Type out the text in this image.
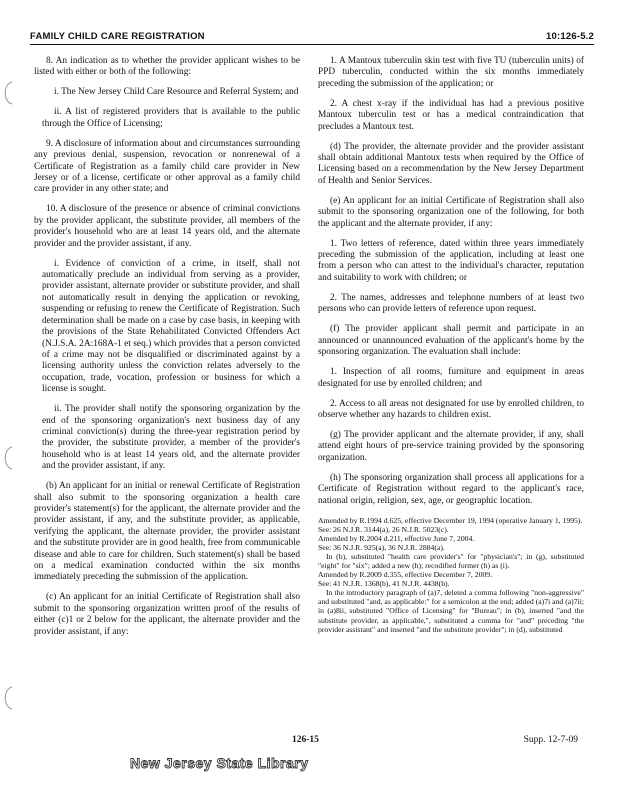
FAMILY CHILD CARE REGISTRATION	10:126-5.2

8. An indication as to whether the provider applicant wishes to be listed with either or both of the following:

i. The New Jersey Child Care Resource and Referral System; and

ii. A list of registered providers that is available to the public through the Office of Licensing;

9. A disclosure of information about and circumstances surrounding any previous denial, suspension, revocation or nonrenewal of a Certificate of Registration as a family child care provider in New Jersey or of a license, certificate or other approval as a family child care provider in any other state; and

10. A disclosure of the presence or absence of criminal convictions by the provider applicant, the substitute provider, all members of the provider's household who are at least 14 years old, and the alternate provider and the provider assistant, if any.

i. Evidence of conviction of a crime, in itself, shall not automatically preclude an individual from serving as a provider, provider assistant, alternate provider or substitute provider, and shall not automatically result in denying the application or revoking, suspending or refusing to renew the Certificate of Registration. Such determination shall be made on a case by case basis, in keeping with the provisions of the State Rehabilitated Convicted Offenders Act (N.J.S.A. 2A:168A-1 et seq.) which provides that a person convicted of a crime may not be disqualified or discriminated against by a licensing authority unless the conviction relates adversely to the occupation, trade, vocation, profession or business for which a license is sought.

ii. The provider shall notify the sponsoring organization by the end of the sponsoring organization's next business day of any criminal conviction(s) during the three-year registration period by the provider, the substitute provider, a member of the provider's household who is at least 14 years old, and the alternate provider and the provider assistant, if any.

(b) An applicant for an initial or renewal Certificate of Registration shall also submit to the sponsoring organization a health care provider's statement(s) for the applicant, the alternate provider and the provider assistant, if any, and the substitute provider, as applicable, verifying the applicant, the alternate provider, the provider assistant and the substitute provider are in good health, free from communicable disease and able to care for children. Such statement(s) shall be based on a medical examination conducted within the six months immediately preceding the submission of the application.

(c) An applicant for an initial Certificate of Registration shall also submit to the sponsoring organization written proof of the results of either (c)1 or 2 below for the applicant, the alternate provider and the provider assistant, if any:

1. A Mantoux tuberculin skin test with five TU (tuberculin units) of PPD tuberculin, conducted within the six months immediately preceding the submission of the application; or

2. A chest x-ray if the individual has had a previous positive Mantoux tuberculin test or has a medical contraindication that precludes a Mantoux test.

(d) The provider, the alternate provider and the provider assistant shall obtain additional Mantoux tests when required by the Office of Licensing based on a recommendation by the New Jersey Department of Health and Senior Services.

(e) An applicant for an initial Certificate of Registration shall also submit to the sponsoring organization one of the following, for both the applicant and the alternate provider, if any:

1. Two letters of reference, dated within three years immediately preceding the submission of the application, including at least one from a person who can attest to the individual's character, reputation and suitability to work with children; or

2. The names, addresses and telephone numbers of at least two persons who can provide letters of reference upon request.

(f) The provider applicant shall permit and participate in an announced or unannounced evaluation of the applicant's home by the sponsoring organization. The evaluation shall include:

1. Inspection of all rooms, furniture and equipment in areas designated for use by enrolled children; and

2. Access to all areas not designated for use by enrolled children, to observe whether any hazards to children exist.

(g) The provider applicant and the alternate provider, if any, shall attend eight hours of pre-service training provided by the sponsoring organization.

(h) The sponsoring organization shall process all applications for a Certificate of Registration without regard to the applicant's race, national origin, religion, sex, age, or geographic location.

Amended by R.1994 d.625, effective December 19, 1994 (operative January 1, 1995).

See: 26 N.J.R. 3144(a), 26 N.J.R. 5023(c).

Amended by R.2004 d.211, effective June 7, 2004.

See: 36 N.J.R. 925(a), 36 N.J.R. 2884(a).

In (b), substituted "health care provider's" for "physician's"; in (g), substituted "eight" for "six"; added a new (h); recodified former (h) as (i).

Amended by R.2009 d.355, effective December 7, 2009.

See: 41 N.J.R. 1368(b), 41 N.J.R. 4438(b).

In the introductory paragraph of (a)7, deleted a comma following "non-aggressive" and substituted "and, as applicable:" for a semicolon at the end; added (a)7i and (a)7ii; in (a)8ii, substituted "Office of Licensing" for "Bureau"; in (b), inserted "and the substitute provider, as applicable,", substituted a comma for "and" preceding "the provider assistant" and inserted "and the substitute provider"; in (d), substituted

126-15	Supp. 12-7-09
New Jersey State Library
